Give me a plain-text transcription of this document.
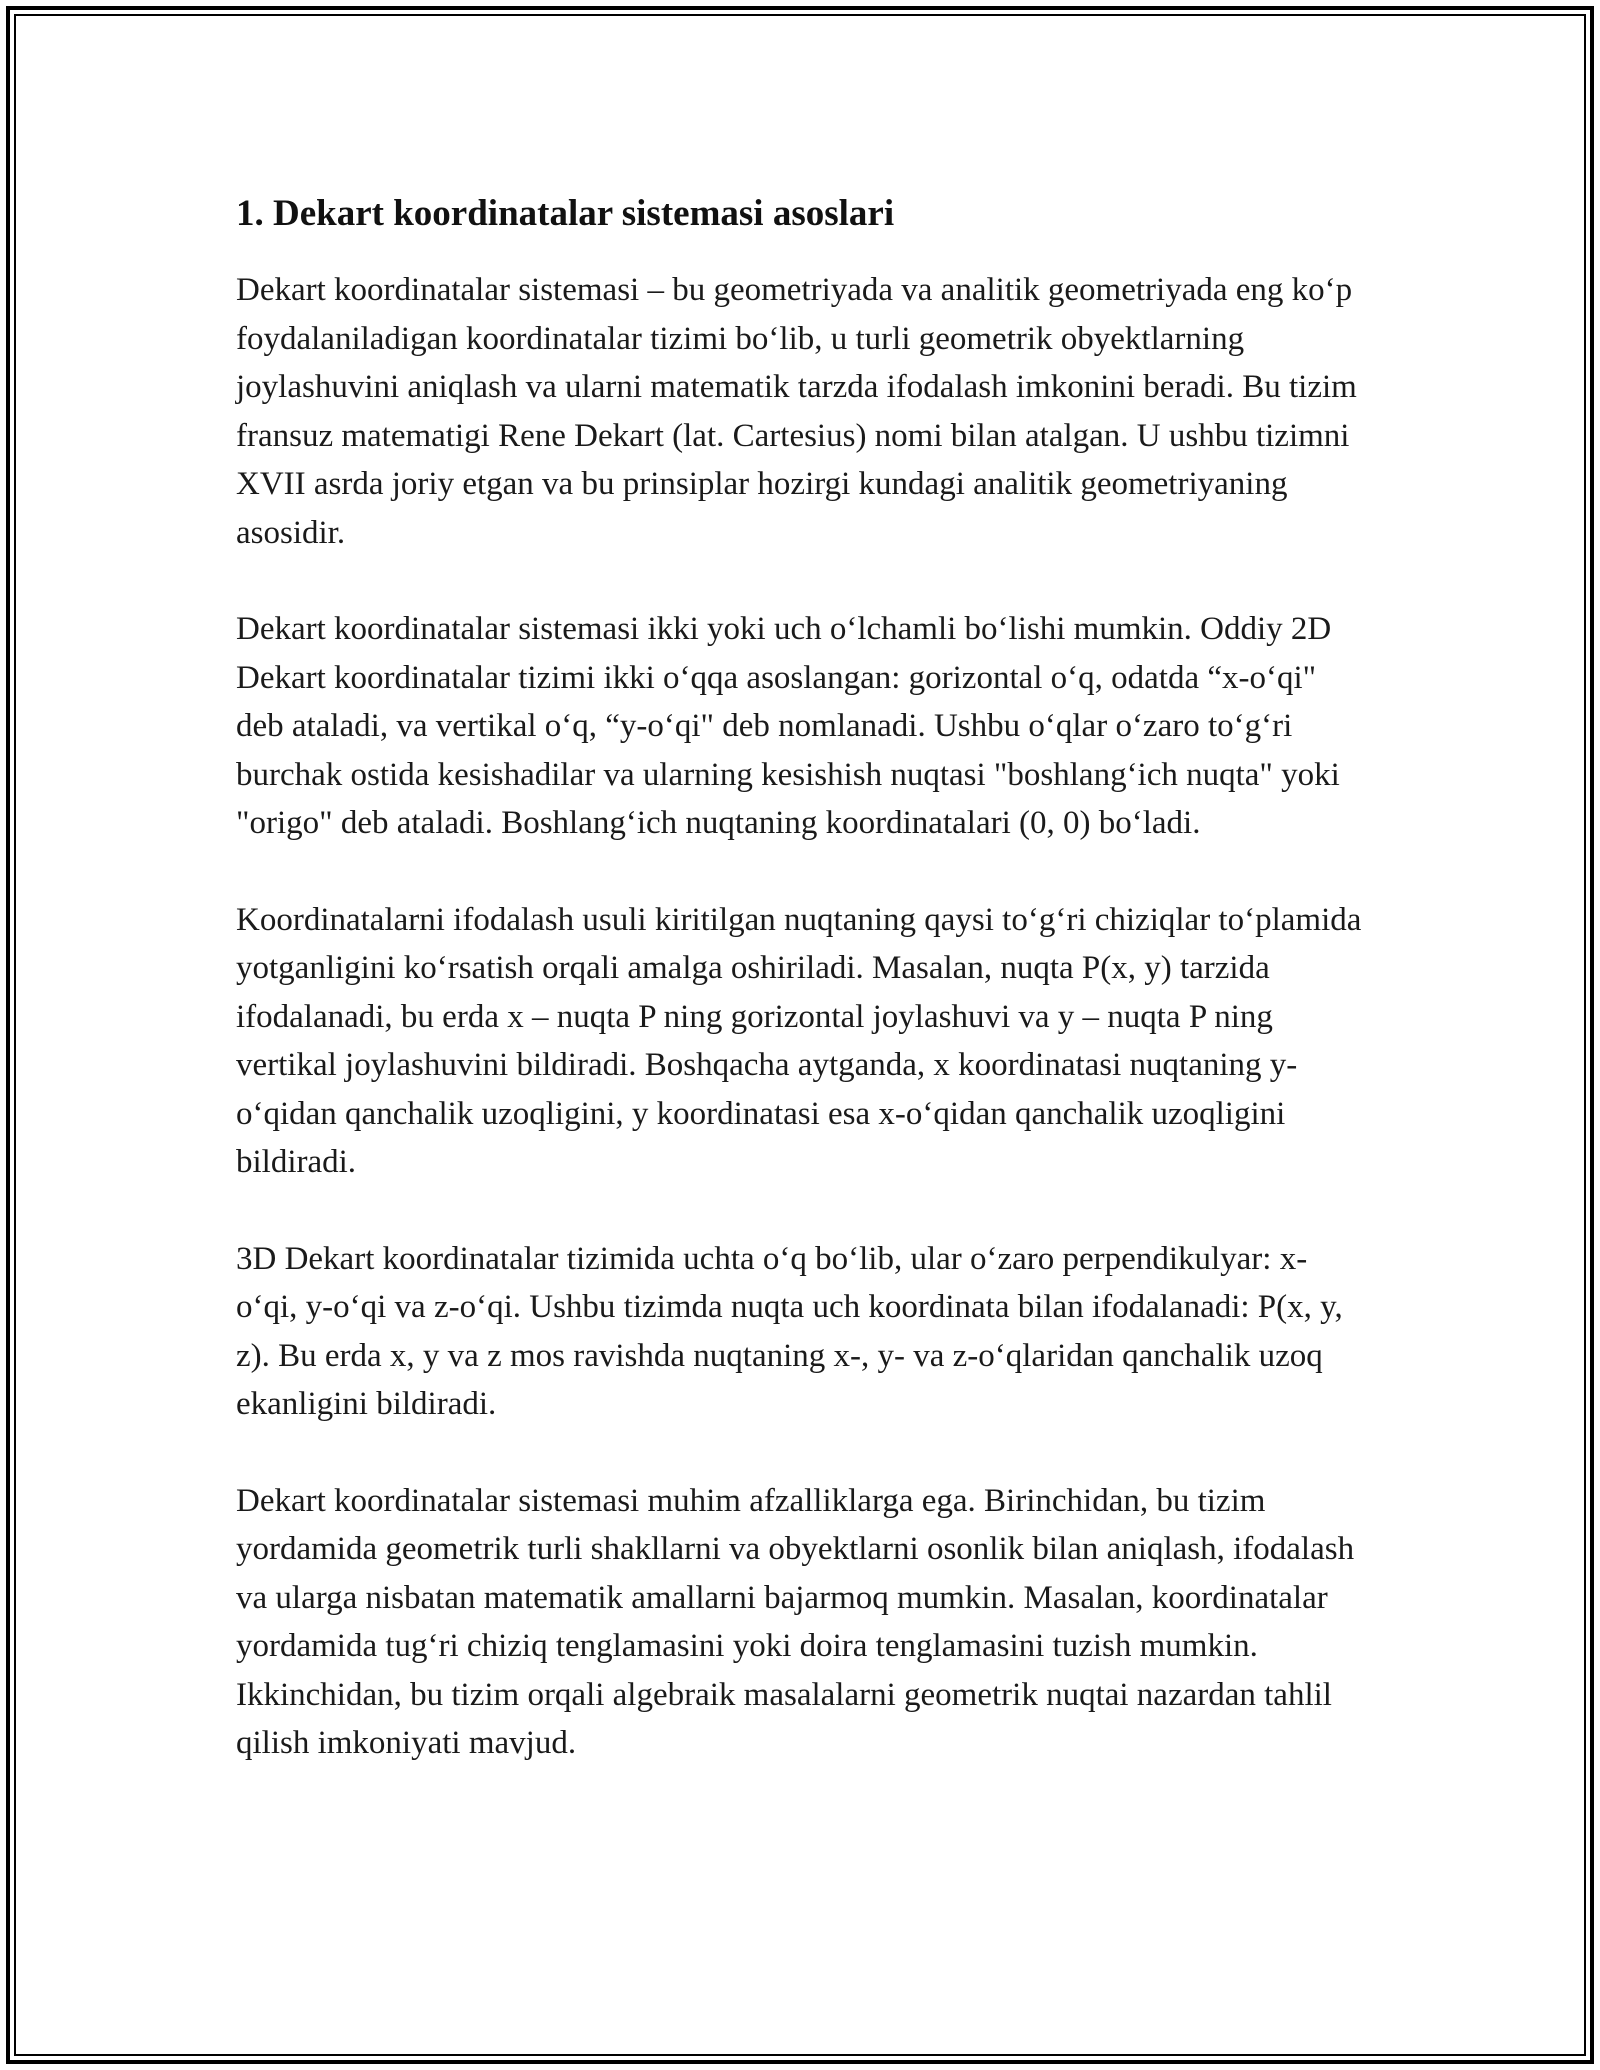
1. Dekart koordinatalar sistemasi asoslari

Dekart koordinatalar sistemasi – bu geometriyada va analitik geometriyada eng ko‘p foydalaniladigan koordinatalar tizimi bo‘lib, u turli geometrik obyektlarning joylashuvini aniqlash va ularni matematik tarzda ifodalash imkonini beradi. Bu tizim fransuz matematigi Rene Dekart (lat. Cartesius) nomi bilan atalgan. U ushbu tizimni XVII asrda joriy etgan va bu prinsiplar hozirgi kundagi analitik geometriyaning asosidir.

Dekart koordinatalar sistemasi ikki yoki uch o‘lchamli bo‘lishi mumkin. Oddiy 2D Dekart koordinatalar tizimi ikki o‘qqa asoslangan: gorizontal o‘q, odatda “x-o‘qi" deb ataladi, va vertikal o‘q, “y-o‘qi" deb nomlanadi. Ushbu o‘qlar o‘zaro to‘g‘ri burchak ostida kesishadilar va ularning kesishish nuqtasi "boshlang‘ich nuqta" yoki "origo" deb ataladi. Boshlang‘ich nuqtaning koordinatalari (0, 0) bo‘ladi.

Koordinatalarni ifodalash usuli kiritilgan nuqtaning qaysi to‘g‘ri chiziqlar to‘plamida yotganligini ko‘rsatish orqali amalga oshiriladi. Masalan, nuqta P(x, y) tarzida ifodalanadi, bu erda x – nuqta P ning gorizontal joylashuvi va y – nuqta P ning vertikal joylashuvini bildiradi. Boshqacha aytganda, x koordinatasi nuqtaning y-o‘qidan qanchalik uzoqligini, y koordinatasi esa x-o‘qidan qanchalik uzoqligini bildiradi.

3D Dekart koordinatalar tizimida uchta o‘q bo‘lib, ular o‘zaro perpendikulyar: x-o‘qi, y-o‘qi va z-o‘qi. Ushbu tizimda nuqta uch koordinata bilan ifodalanadi: P(x, y, z). Bu erda x, y va z mos ravishda nuqtaning x-, y- va z-o‘qlaridan qanchalik uzoq ekanligini bildiradi.

Dekart koordinatalar sistemasi muhim afzalliklarga ega. Birinchidan, bu tizim yordamida geometrik turli shakllarni va obyektlarni osonlik bilan aniqlash, ifodalash va ularga nisbatan matematik amallarni bajarmoq mumkin. Masalan, koordinatalar yordamida tug‘ri chiziq tenglamasini yoki doira tenglamasini tuzish mumkin. Ikkinchidan, bu tizim orqali algebraik masalalarni geometrik nuqtai nazardan tahlil qilish imkoniyati mavjud.
